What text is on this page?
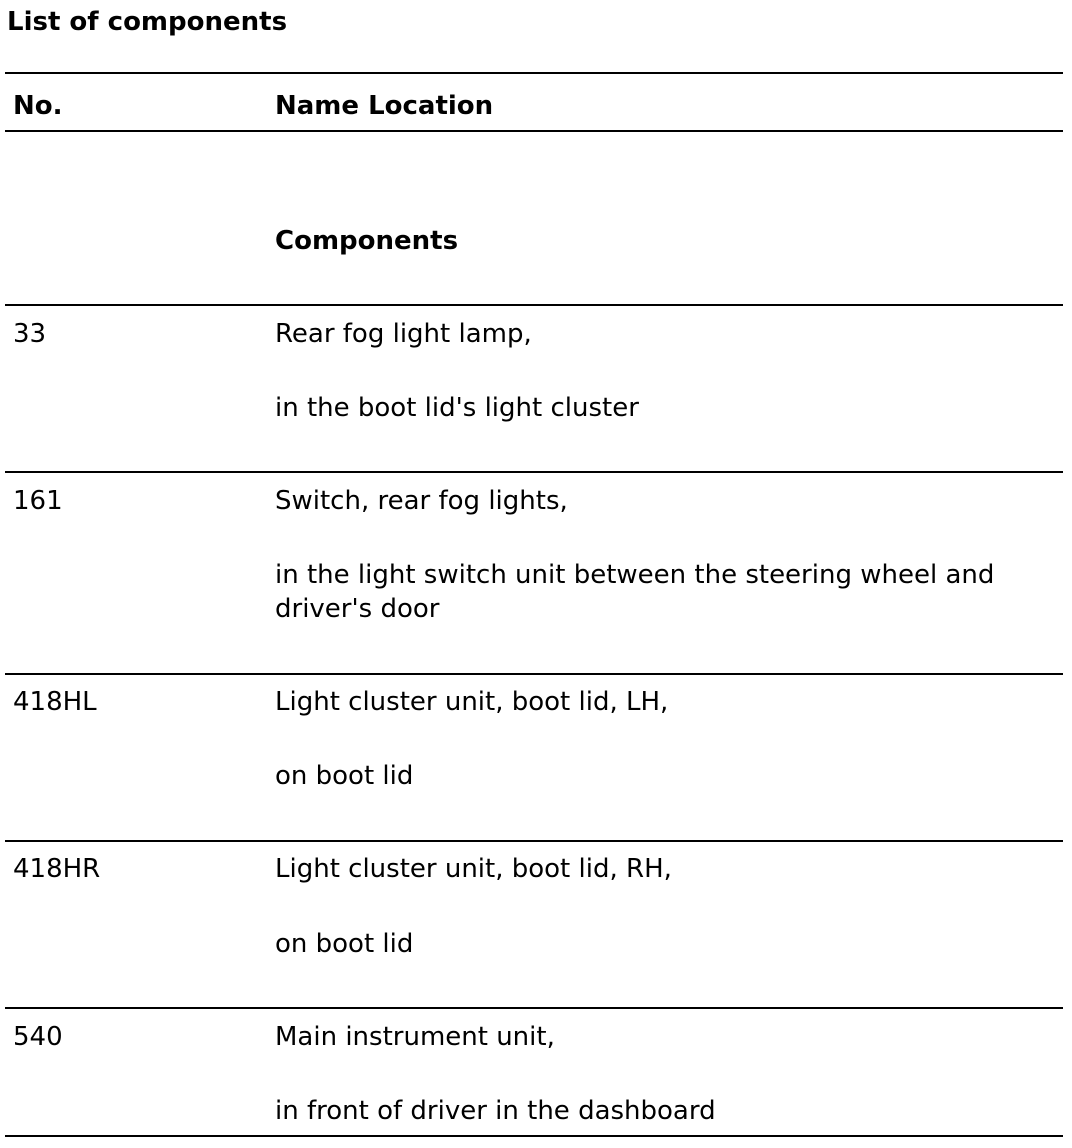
List of components
No.	Name Location
Components
33	Rear fog light lamp,
in the boot lid's light cluster
161	Switch, rear fog lights,
in the light switch unit between the steering wheel and driver's door
418HL	Light cluster unit, boot lid, LH,
on boot lid
418HR	Light cluster unit, boot lid, RH,
on boot lid
540	Main instrument unit,
in front of driver in the dashboard
